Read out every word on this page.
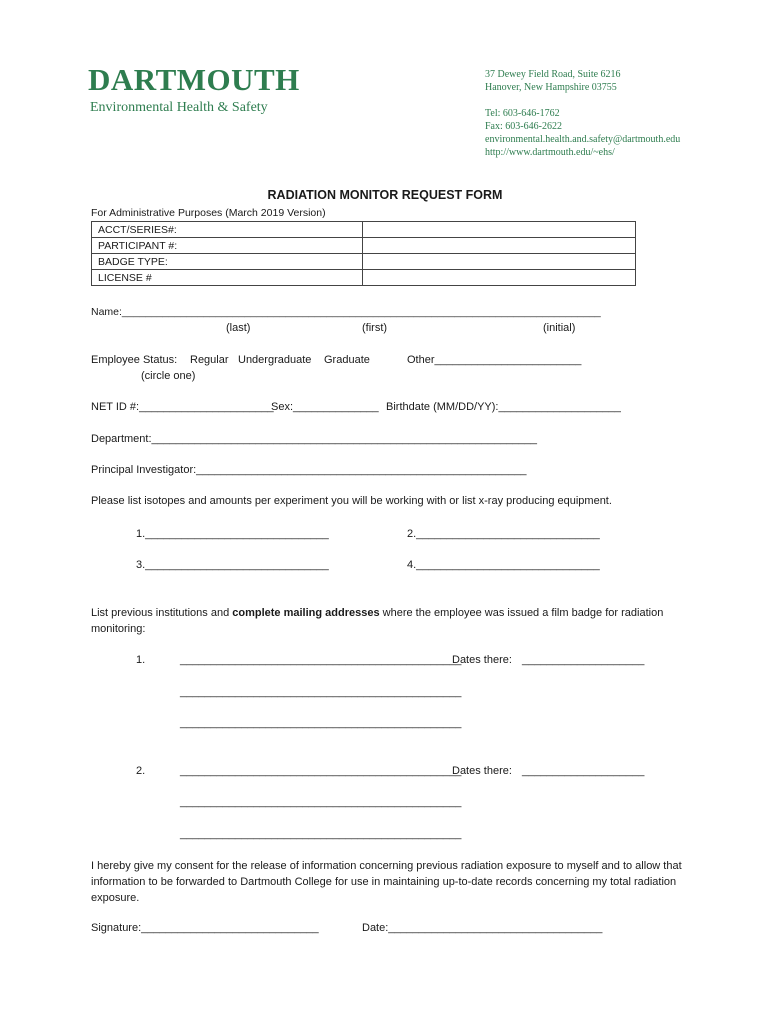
DARTMOUTH
Environmental Health & Safety
37 Dewey Field Road, Suite 6216
Hanover, New Hampshire 03755
Tel: 603-646-1762
Fax: 603-646-2622
environmental.health.and.safety@dartmouth.edu
http://www.dartmouth.edu/~ehs/
RADIATION MONITOR REQUEST FORM
For Administrative Purposes (March 2019 Version)
ACCT/SERIES#:	
PARTICIPANT #:	
BADGE TYPE:	
LICENSE #	
Name:__________________________________________________________________________________
(last)	(first)	(initial)
Employee Status: Regular Undergraduate Graduate	Other________________________
(circle one)
NET ID #:______________________
Sex:______________ Birthdate (MM/DD/YY):____________________
Department:_______________________________________________________________
Principal Investigator:______________________________________________________
Please list isotopes and amounts per experiment you will be working with or list x-ray producing equipment.
1.______________________________	2.______________________________
3.______________________________	4.______________________________
List previous institutions and complete mailing addresses where the employee was issued a film badge for radiation
monitoring:
1.	______________________________________________
Dates there: ____________________
______________________________________________
______________________________________________
2.	______________________________________________
Dates there: ____________________
______________________________________________
______________________________________________
I hereby give my consent for the release of information concerning previous radiation exposure to myself and to allow that
information to be forwarded to Dartmouth College for use in maintaining up-to-date records concerning my total radiation
exposure.
Signature:_____________________________	Date:___________________________________
